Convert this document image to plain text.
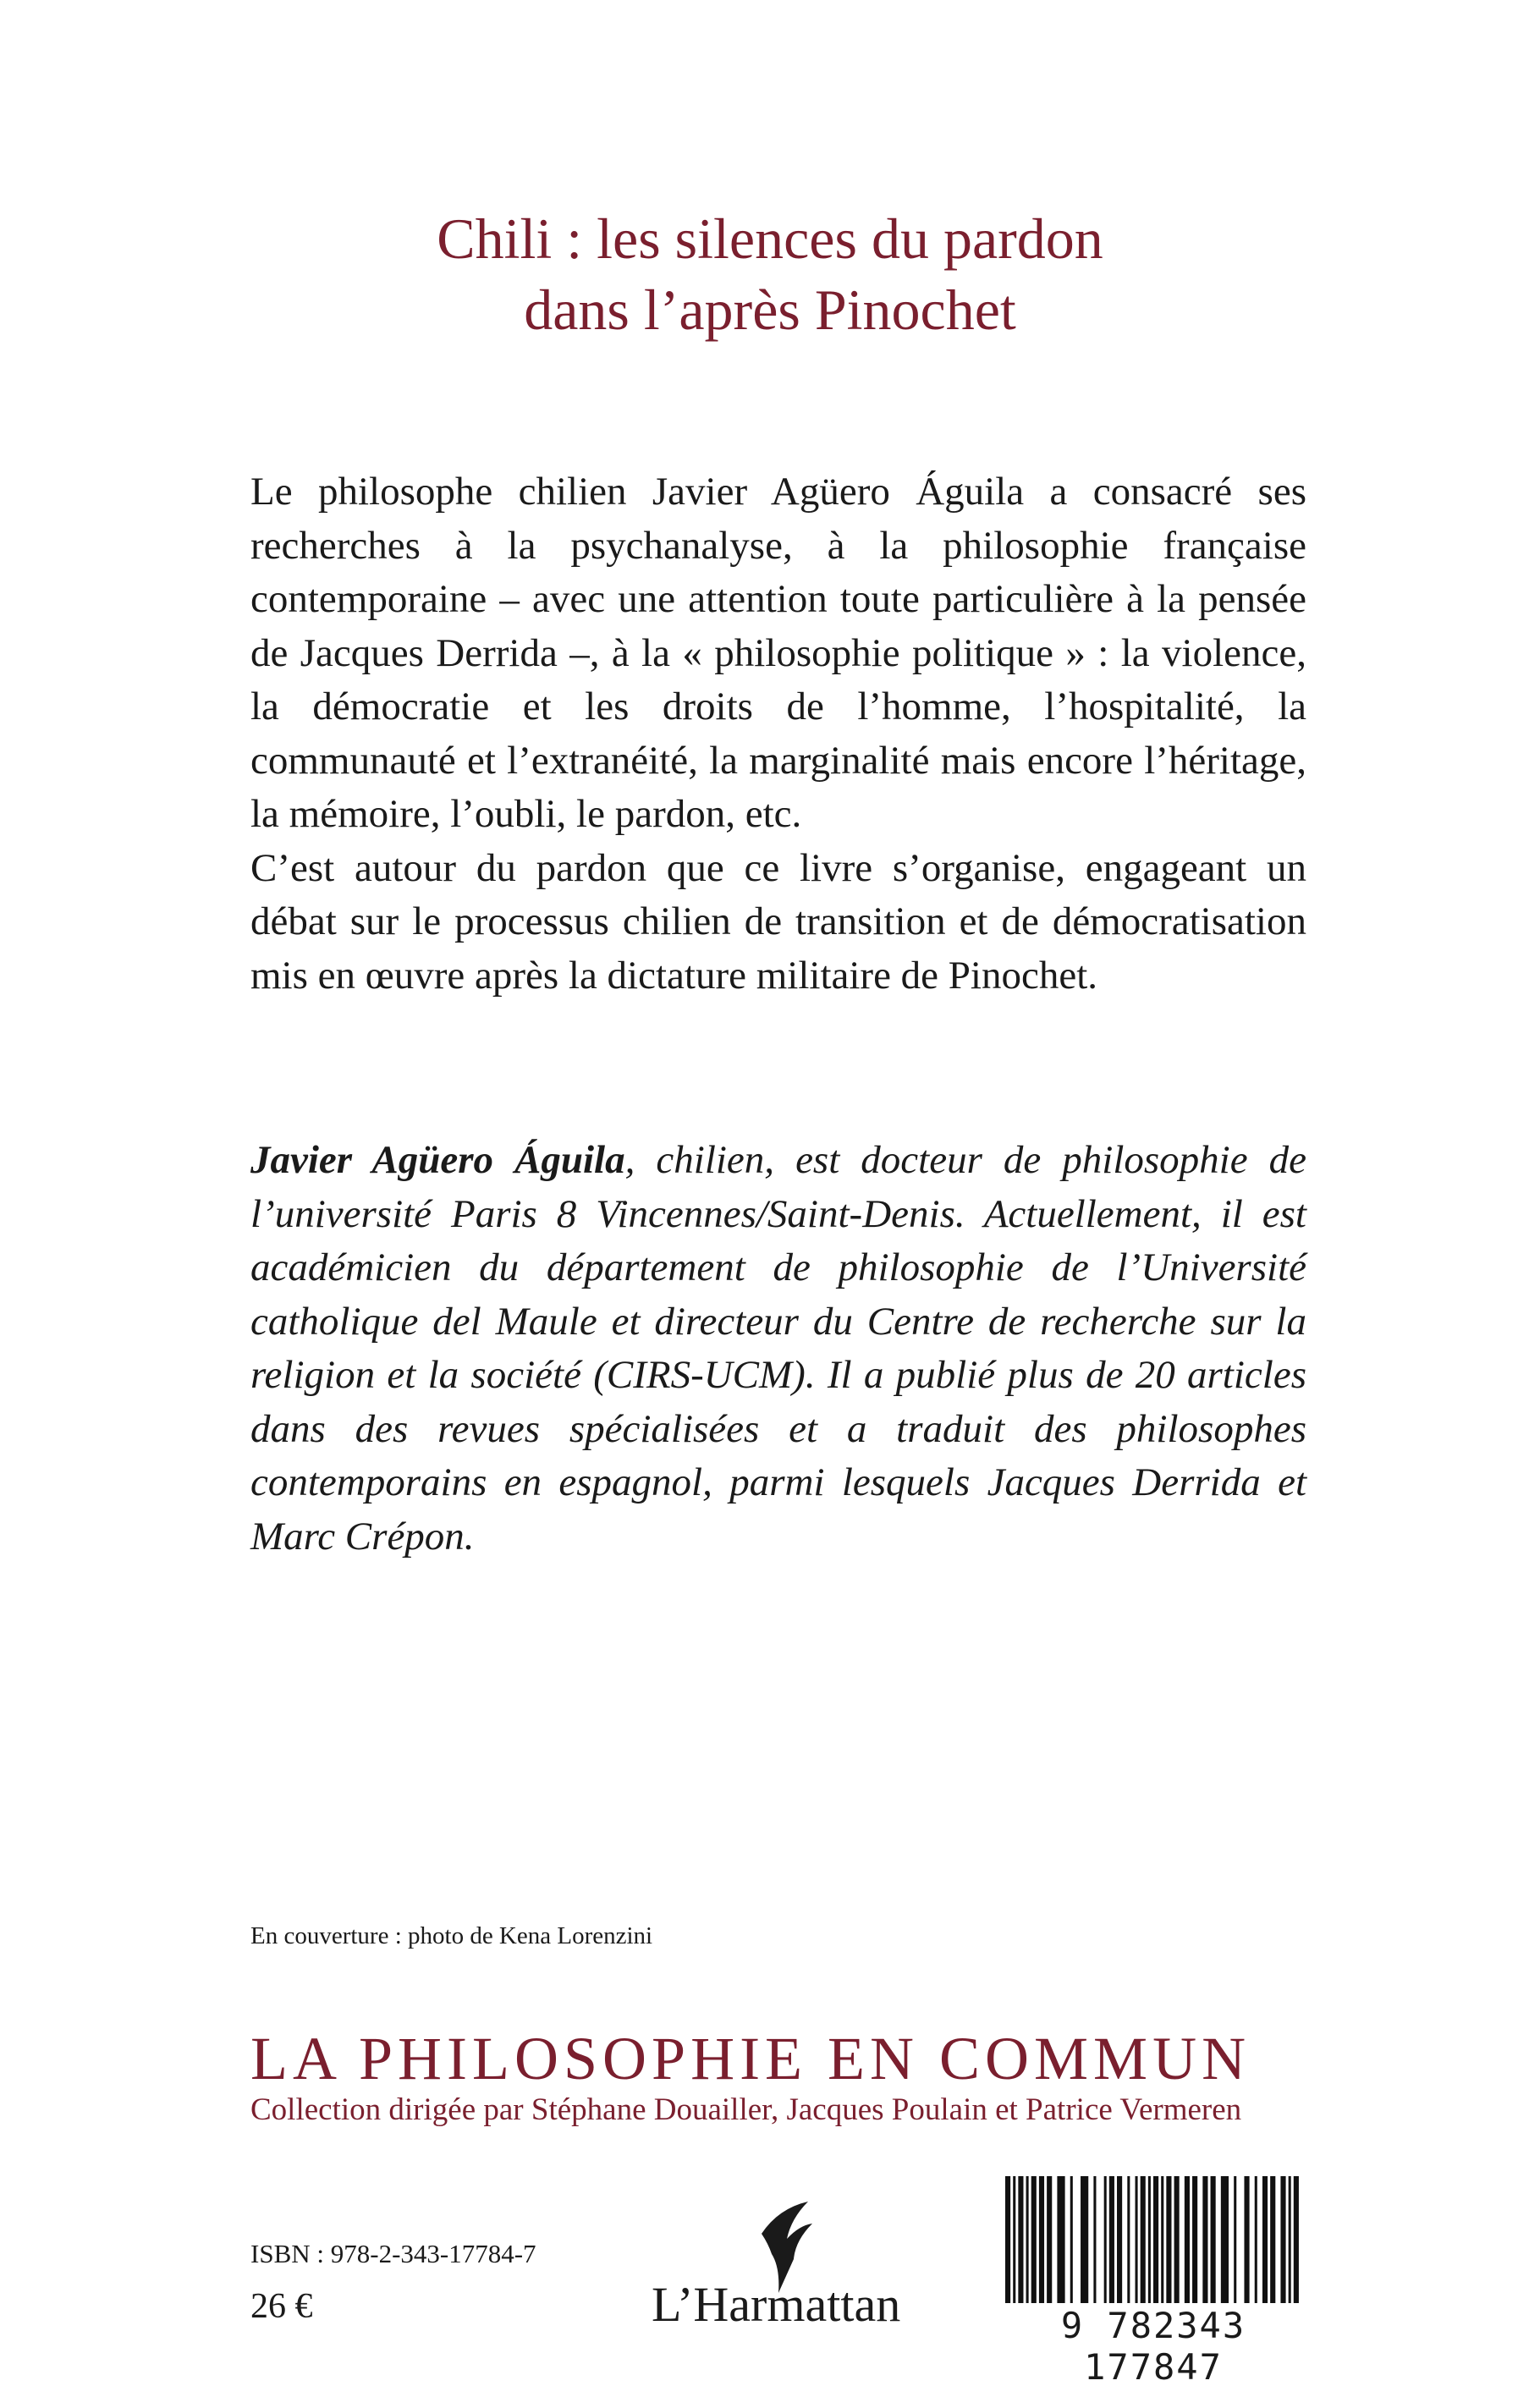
Chili : les silences du pardon
dans l’après Pinochet

Le philosophe chilien Javier Agüero Águila a consacré ses recherches à la psychanalyse, à la philosophie française contemporaine – avec une attention toute particulière à la pensée de Jacques Derrida –, à la « philosophie politique » : la violence, la démocratie et les droits de l’homme, l’hospitalité, la communauté et l’extranéité, la marginalité mais encore l’héritage, la mémoire, l’oubli, le pardon, etc.

C’est autour du pardon que ce livre s’organise, engageant un débat sur le processus chilien de transition et de démocratisation mis en œuvre après la dictature militaire de Pinochet.

Javier Agüero Águila, chilien, est docteur de philosophie de l’université Paris 8 Vincennes/Saint-Denis. Actuellement, il est académicien du département de philosophie de l’Université catholique del Maule et directeur du Centre de recherche sur la religion et la société (CIRS-UCM). Il a publié plus de 20 articles dans des revues spécialisées et a traduit des philosophes contemporains en espagnol, parmi lesquels Jacques Derrida et Marc Crépon.
En couverture : photo de Kena Lorenzini
LA PHILOSOPHIE EN COMMUN
Collection dirigée par Stéphane Douailler, Jacques Poulain et Patrice Vermeren
ISBN : 978-2-343-17784-7
26 €	L’Harmattan	9 782343 177847
